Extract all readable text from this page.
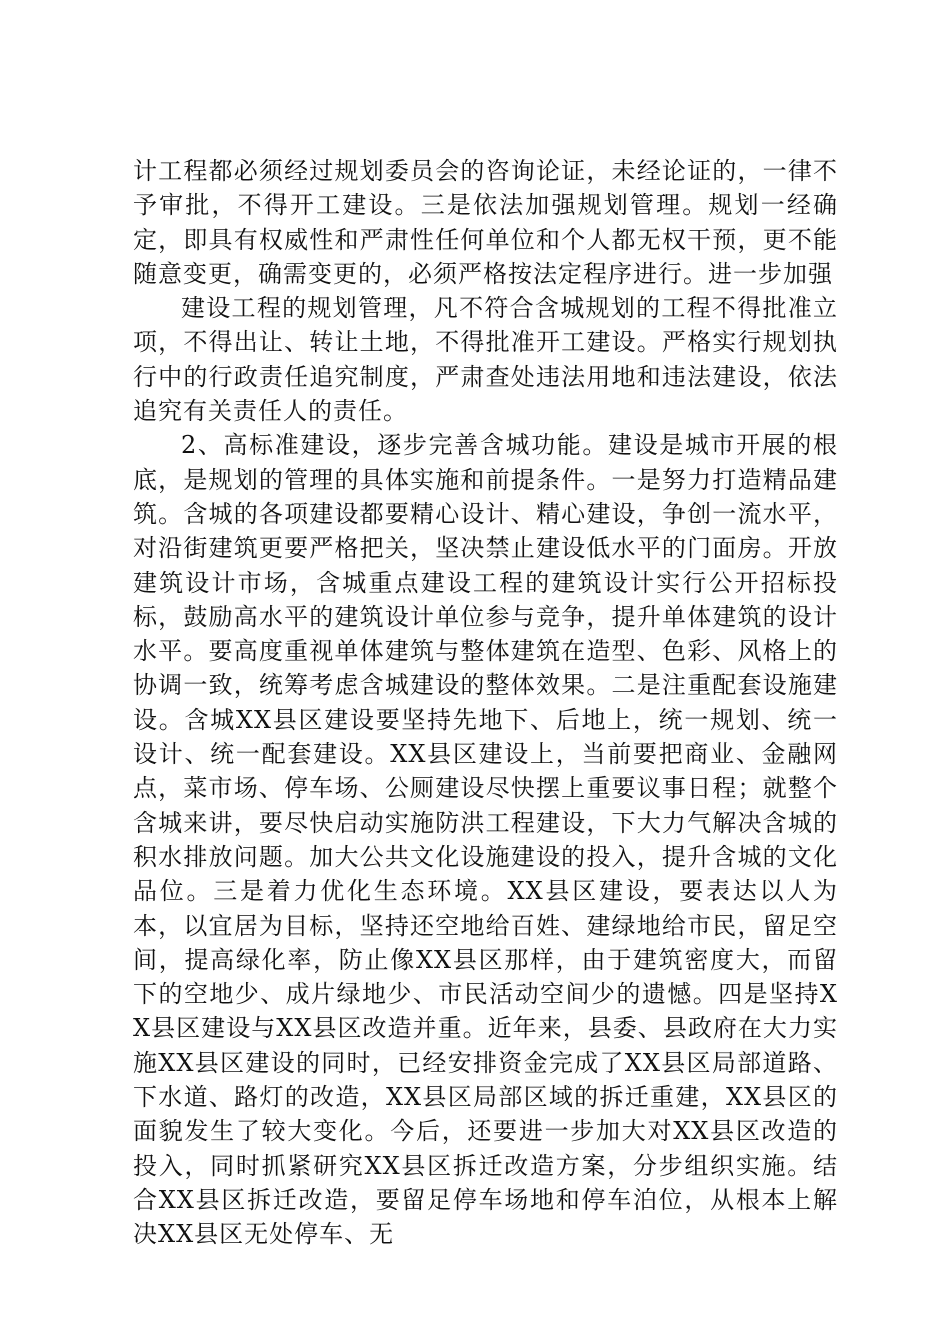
计工程都必须经过规划委员会的咨询论证，未经论证的，一律不予审批，不得开工建设。三是依法加强规划管理。规划一经确定，即具有权威性和严肃性任何单位和个人都无权干预，更不能随意变更，确需变更的，必须严格按法定程序进行。进一步加强

建设工程的规划管理，凡不符合含城规划的工程不得批准立项，不得出让、转让土地，不得批准开工建设。严格实行规划执行中的行政责任追究制度，严肃查处违法用地和违法建设，依法追究有关责任人的责任。

2、高标准建设，逐步完善含城功能。建设是城市开展的根底，是规划的管理的具体实施和前提条件。一是努力打造精品建筑。含城的各项建设都要精心设计、精心建设，争创一流水平，对沿街建筑更要严格把关，坚决禁止建设低水平的门面房。开放建筑设计市场，含城重点建设工程的建筑设计实行公开招标投标，鼓励高水平的建筑设计单位参与竞争，提升单体建筑的设计水平。要高度重视单体建筑与整体建筑在造型、色彩、风格上的协调一致，统筹考虑含城建设的整体效果。二是注重配套设施建设。含城XX县区建设要坚持先地下、后地上，统一规划、统一设计、统一配套建设。XX县区建设上，当前要把商业、金融网点，菜市场、停车场、公厕建设尽快摆上重要议事日程；就整个含城来讲，要尽快启动实施防洪工程建设，下大力气解决含城的积水排放问题。加大公共文化设施建设的投入，提升含城的文化品位。三是着力优化生态环境。XX县区建设，要表达以人为本，以宜居为目标，坚持还空地给百姓、建绿地给市民，留足空间，提高绿化率，防止像XX县区那样，由于建筑密度大，而留下的空地少、成片绿地少、市民活动空间少的遗憾。四是坚持XX县区建设与XX县区改造并重。近年来，县委、县政府在大力实施XX县区建设的同时，已经安排资金完成了XX县区局部道路、下水道、路灯的改造，XX县区局部区域的拆迁重建，XX县区的面貌发生了较大变化。今后，还要进一步加大对XX县区改造的投入，同时抓紧研究XX县区拆迁改造方案，分步组织实施。结合XX县区拆迁改造，要留足停车场地和停车泊位，从根本上解决XX县区无处停车、无
